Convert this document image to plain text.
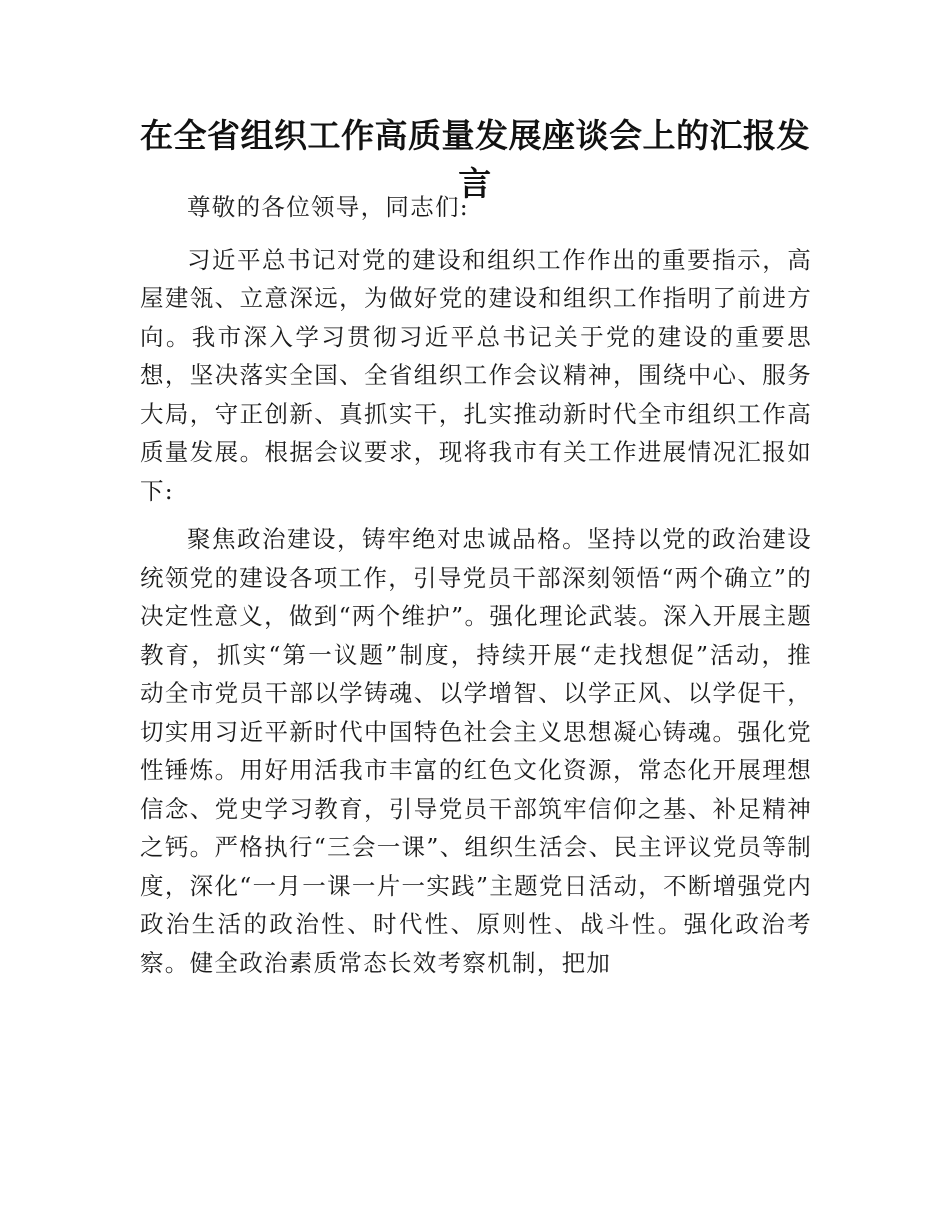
在全省组织工作高质量发展座谈会上的汇报发言

尊敬的各位领导，同志们:

习近平总书记对党的建设和组织工作作出的重要指示，高屋建瓴、立意深远，为做好党的建设和组织工作指明了前进方向。我市深入学习贯彻习近平总书记关于党的建设的重要思想，坚决落实全国、全省组织工作会议精神，围绕中心、服务大局，守正创新、真抓实干，扎实推动新时代全市组织工作高质量发展。根据会议要求，现将我市有关工作进展情况汇报如下:

聚焦政治建设，铸牢绝对忠诚品格。坚持以党的政治建设统领党的建设各项工作，引导党员干部深刻领悟“两个确立”的决定性意义，做到“两个维护”。强化理论武装。深入开展主题教育，抓实“第一议题”制度，持续开展“走找想促”活动，推动全市党员干部以学铸魂、以学增智、以学正风、以学促干，切实用习近平新时代中国特色社会主义思想凝心铸魂。强化党性锤炼。用好用活我市丰富的红色文化资源，常态化开展理想信念、党史学习教育，引导党员干部筑牢信仰之基、补足精神之钙。严格执行“三会一课”、组织生活会、民主评议党员等制度，深化“一月一课一片一实践”主题党日活动，不断增强党内政治生活的政治性、时代性、原则性、战斗性。强化政治考察。健全政治素质常态长效考察机制，把加
